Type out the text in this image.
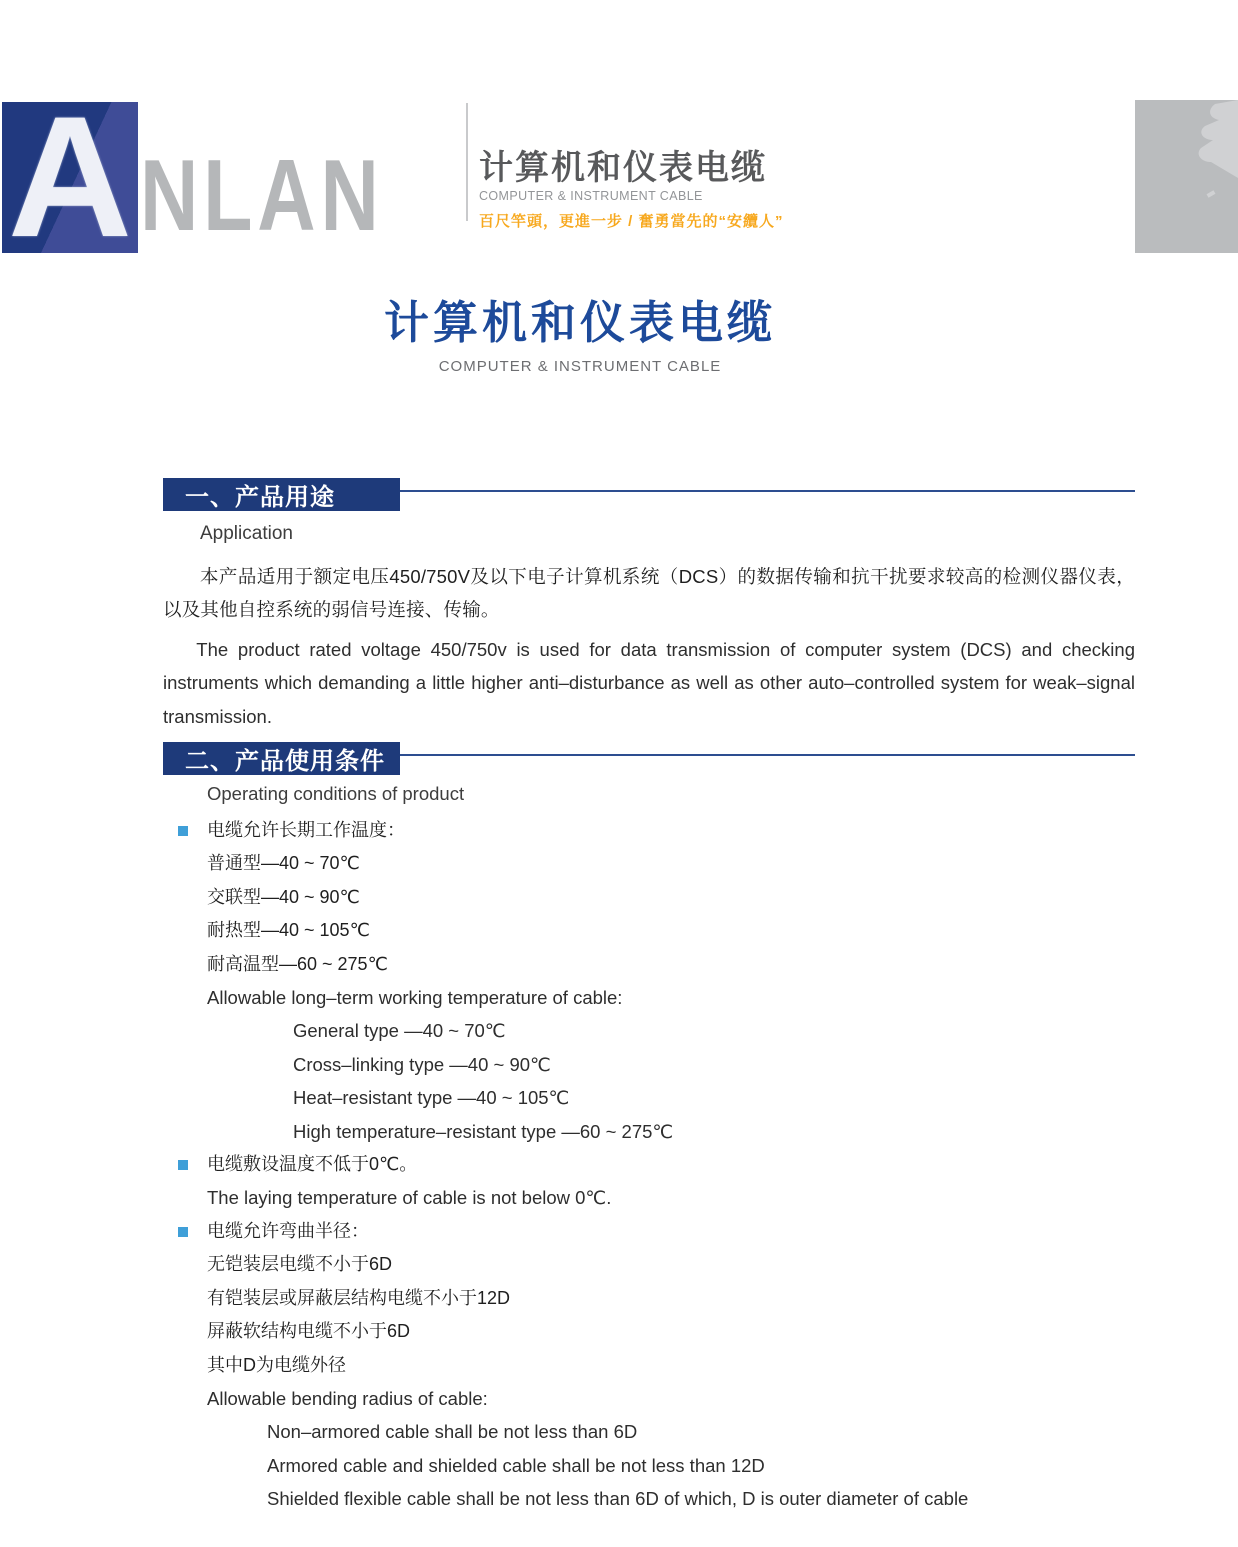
A NLAN	计算机和仪表电缆
COMPUTER & INSTRUMENT CABLE
百尺竿頭，更進一步 / 奮勇當先的“安纜人”
计算机和仪表电缆
COMPUTER & INSTRUMENT CABLE
一、产品用途
Application
本产品适用于额定电压450/750V及以下电子计算机系统（DCS）的数据传输和抗干扰要求较高的检测仪器仪表，以及其他自控系统的弱信号连接、传输。
The product rated voltage 450/750v is used for data transmission of computer system (DCS) and checking instruments which demanding a little higher anti–disturbance as well as other auto–controlled system for weak–signal transmission.
二、产品使用条件
Operating conditions of product
电缆允许长期工作温度：
普通型—40 ~ 70℃
交联型—40 ~ 90℃
耐热型—40 ~ 105℃
耐高温型—60 ~ 275℃
Allowable long–term working temperature of cable:
General type —40 ~ 70℃
Cross–linking type —40 ~ 90℃
Heat–resistant type —40 ~ 105℃
High temperature–resistant type —60 ~ 275℃
电缆敷设温度不低于0℃。
The laying temperature of cable is not below 0℃.
电缆允许弯曲半径：
无铠装层电缆不小于6D
有铠装层或屏蔽层结构电缆不小于12D
屏蔽软结构电缆不小于6D
其中D为电缆外径
Allowable bending radius of cable:
Non–armored cable shall be not less than 6D
Armored cable and shielded cable shall be not less than 12D
Shielded flexible cable shall be not less than 6D of which, D is outer diameter of cable
